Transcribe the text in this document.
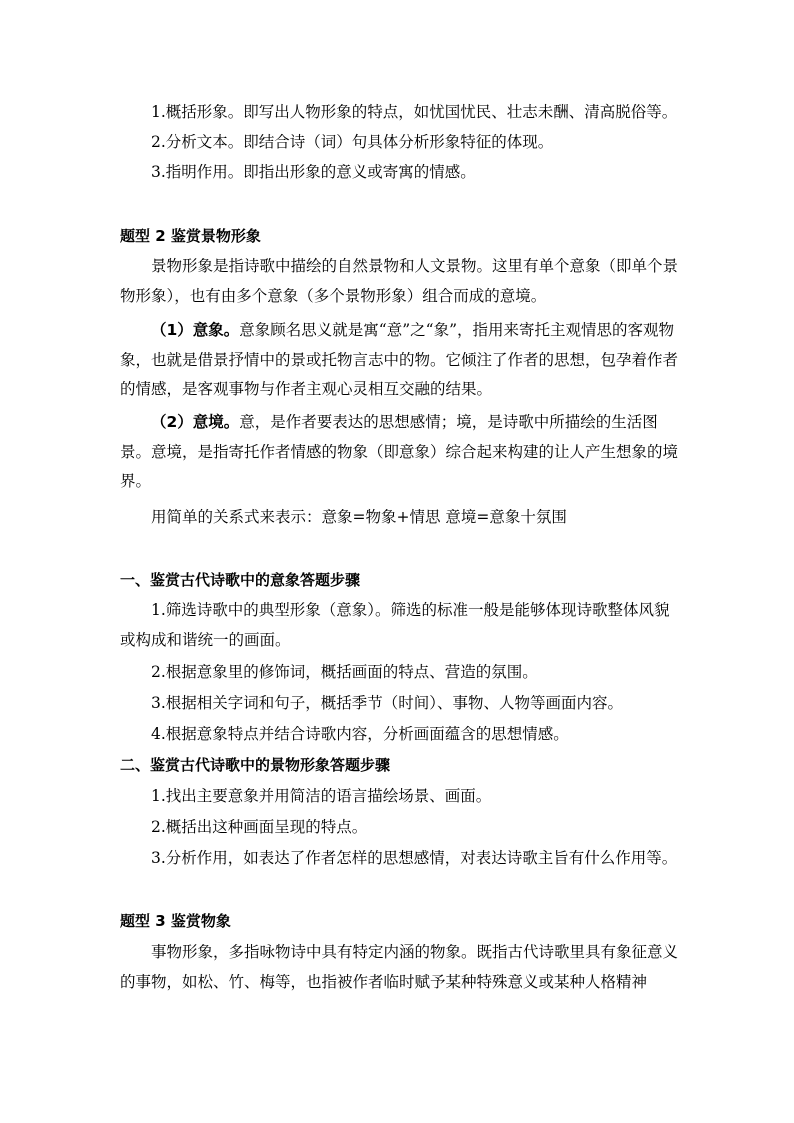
1.概括形象。即写出人物形象的特点，如忧国忧民、壮志未酬、清高脱俗等。

2.分析文本。即结合诗（词）句具体分析形象特征的体现。

3.指明作用。即指出形象的意义或寄寓的情感。

题型 2 鉴赏景物形象

景物形象是指诗歌中描绘的自然景物和人文景物。这里有单个意象（即单个景物形象），也有由多个意象（多个景物形象）组合而成的意境。

（1）意象。意象顾名思义就是寓“意”之“象”，指用来寄托主观情思的客观物象，也就是借景抒情中的景或托物言志中的物。它倾注了作者的思想，包孕着作者的情感，是客观事物与作者主观心灵相互交融的结果。

（2）意境。意，是作者要表达的思想感情；境，是诗歌中所描绘的生活图景。意境，是指寄托作者情感的物象（即意象）综合起来构建的让人产生想象的境界。

用简单的关系式来表示：意象=物象+情思 意境=意象十氛围

一、鉴赏古代诗歌中的意象答题步骤

1.筛选诗歌中的典型形象（意象）。筛选的标准一般是能够体现诗歌整体风貌或构成和谐统一的画面。

2.根据意象里的修饰词，概括画面的特点、营造的氛围。

3.根据相关字词和句子，概括季节（时间）、事物、人物等画面内容。

4.根据意象特点并结合诗歌内容，分析画面蕴含的思想情感。

二、鉴赏古代诗歌中的景物形象答题步骤

1.找出主要意象并用简洁的语言描绘场景、画面。

2.概括出这种画面呈现的特点。

3.分析作用，如表达了作者怎样的思想感情，对表达诗歌主旨有什么作用等。

题型 3 鉴赏物象

事物形象，多指咏物诗中具有特定内涵的物象。既指古代诗歌里具有象征意义的事物，如松、竹、梅等，也指被作者临时赋予某种特殊意义或某种人格精神
